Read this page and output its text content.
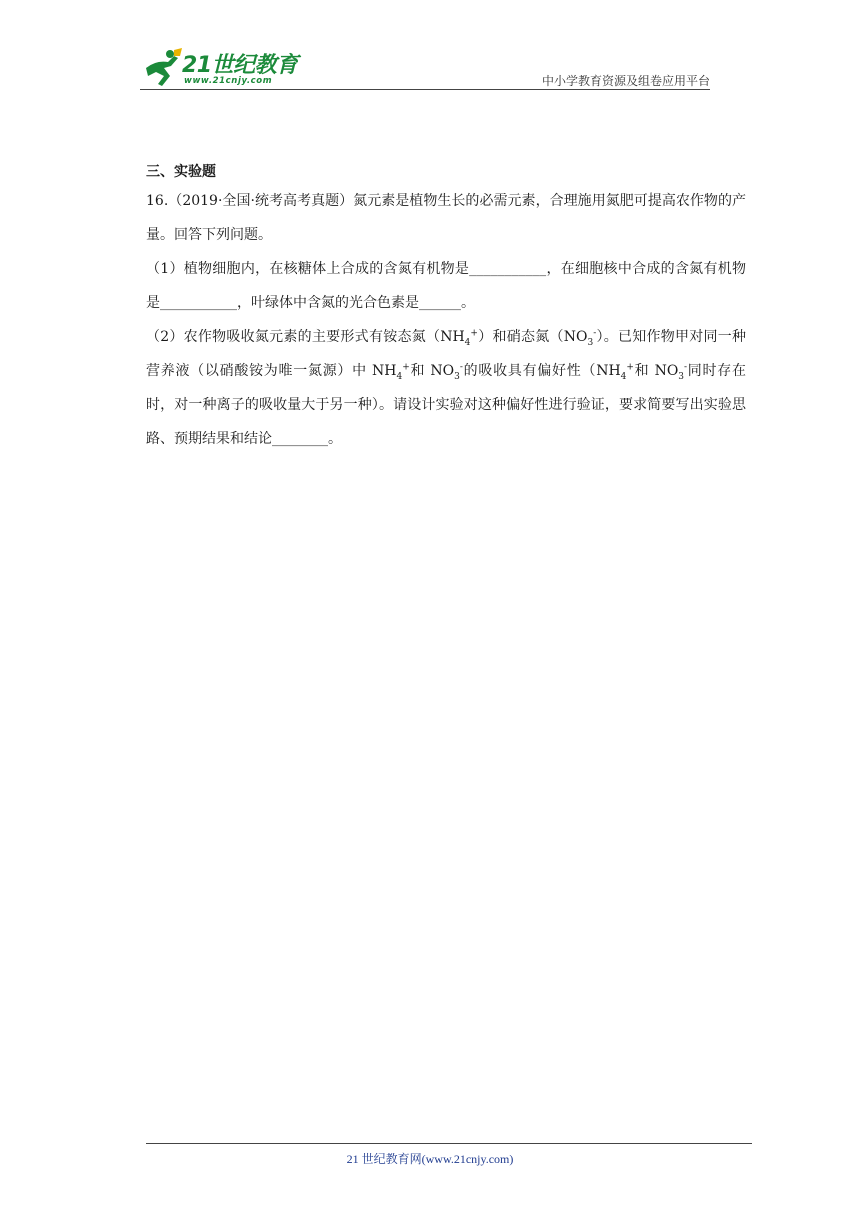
21世纪教育
www.21cnjy.com	中小学教育资源及组卷应用平台

三、实验题

16.（2019·全国·统考高考真题）氮元素是植物生长的必需元素，合理施用氮肥可提高农作物的产量。回答下列问题。

（1）植物细胞内，在核糖体上合成的含氮有机物是___________，在细胞核中合成的含氮有机物是___________，叶绿体中含氮的光合色素是______。

（2）农作物吸收氮元素的主要形式有铵态氮$(NH_4^+)$和硝态氮$(NO_3^-)$。已知作物甲对同一种营养液（以硝酸铵为唯一氮源）中 $NH_4^+$和 $NO_3^-$的吸收具有偏好性（$NH_4^+$和 $NO_3^-$同时存在时，对一种离子的吸收量大于另一种）。请设计实验对这种偏好性进行验证，要求简要写出实验思路、预期结果和结论________。

21 世纪教育网(www.21cnjy.com)
